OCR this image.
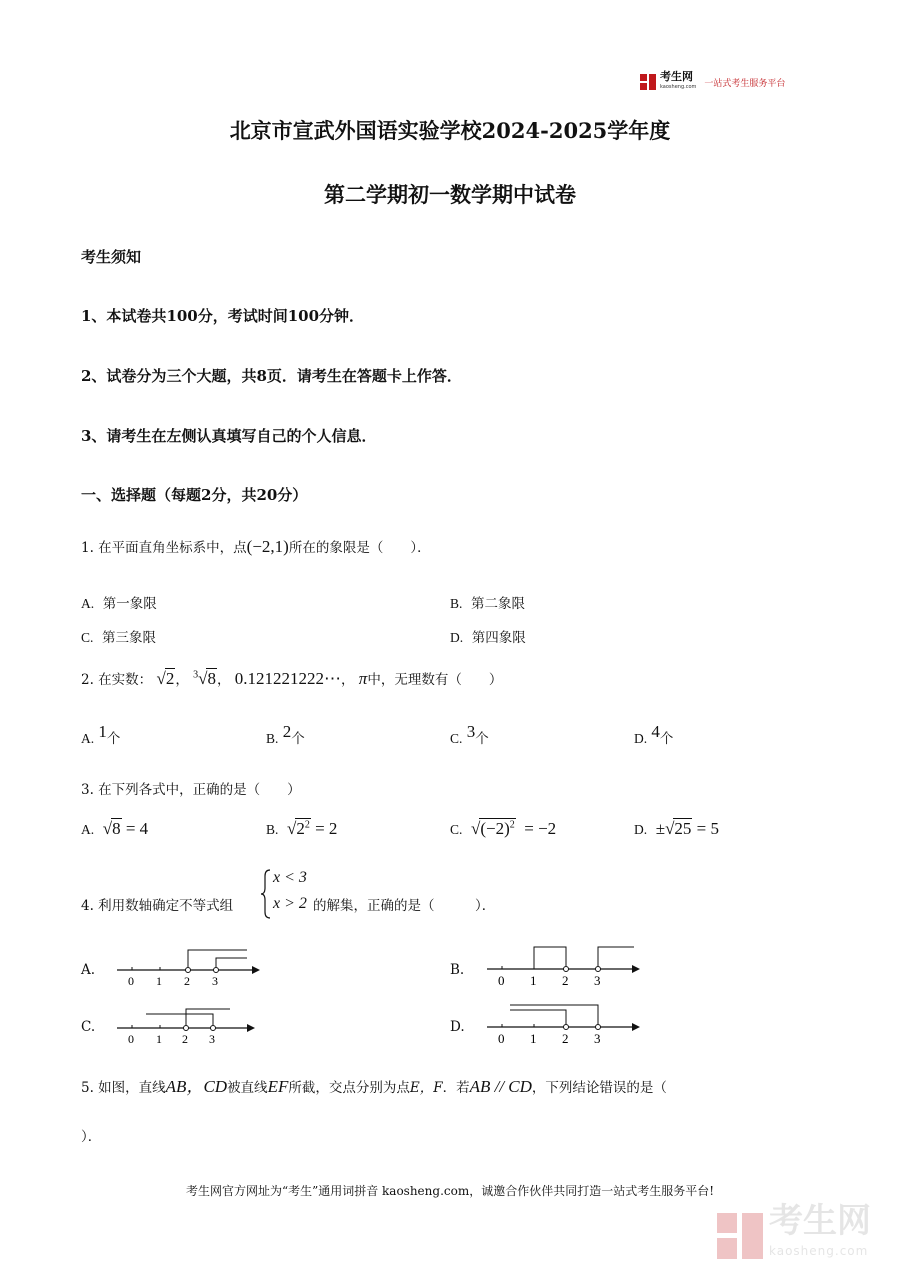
考生网
kaosheng.com 一站式考生服务平台
北京市宣武外国语实验学校2024-2025学年度
第二学期初一数学期中试卷
考生须知
1、本试卷共100分，考试时间100分钟．
2、试卷分为三个大题，共8页．请考生在答题卡上作答．
3、请考生在左侧认真填写自己的个人信息．
一、选择题（每题2分，共20分）
1. 在平面直角坐标系中，点(−2,1)所在的象限是（　　）．
A. 第一象限	B. 第二象限
C. 第三象限	D. 第四象限
2. 在实数： √2， $^3$√8， 0.121221222⋯， π中，无理数有（　　）
A. 1个	B. 2个	C. 3个	D. 4个
3. 在下列各式中，正确的是（　　）
A. √8 = 4	B. $√2^2 = 2$	C. $√(-2)^2 = -2$	D. ±√25 = 5
4. 利用数轴确定不等式组
x < 3
x > 2 的解集，正确的是（　　　）．
A.
0 1 2 3
B.
0 1 2 3
C.
0 1 2 3
D.
0 1 2 3
5. 如图，直线AB，CD被直线EF所截，交点分别为点E，F．若AB // CD，下列结论错误的是（
）．
考生网官方网址为“考生”通用词拼音 kaosheng.com，诚邀合作伙伴共同打造一站式考生服务平台!
考生网
kaosheng.com
